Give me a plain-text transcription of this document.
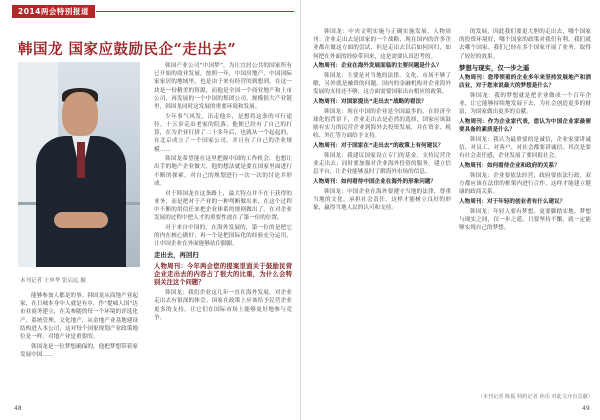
2014两会特别报道
韩国龙 国家应鼓励民企“走出去”
本刊记者 王申华 张启远 摄

能够参加人都是的事。韩国龙从商地产业起家，在日城本身中人就是有乡，作“提城人国”达市业商务建立，在关参随的每一个环境的评选化产、系统管理、文化地产，从金地产业基地建设结构进入本公司，这对每个国家规划产业政策地位是一样，对地产业是重要的。

韩国龙是一位梦想确保的，他把梦想带着家发展中国……

韩国产业公司“中国梦”，为让宜居公共的国家所有已开始的商业发展，按照一年，中国房地产、中国国际家家居的地域里，也是由于来有经营的到想到，在这一块是一份精美的资源，而他是全国一个商业地产和上市公司，再发展的一个中国的集团公司，规模很大产业链里，韩国龙同时这发展的重要环境和发展。

少年事气风发，出走他乡，是想将这条的可行途径，十五岁走出老家的院落，他便已经有了自己的打算，在为企业打拼了二十多年后，也就从一个起起的，在北京成立了一个国家公司，并且有了自己的企业规模……

韩国龙希望能在这里把握中国的工作机会，也想让出手的地产企业做大，他的想法就是要在国家里面进行不断的探索，对自己的规划进行一次一次的讨论并形成。

对于韩国龙在这条路上，最大特点并不在于获得的业务，而是把对于产业的一种判断做出来，在这个过程中不断的用信任来把企业体系的规则做出了。在对企业发展的过程中把人才的重要性放在了第一位的位置。

对于来自中国的、在海外发展的，第一位的是把它的内在核心做好；再一个是把国际化的经验充分运用，让中国企业在外面能够站住脚跟。

走出去，再回归

人物周刊：今年两会您的提案里面关于鼓励民营企业走出去的内容占了很大的比重，为什么会特别关注这个问题？

韩国龙：我们企业这几年一直在海外发展，对企业走出去有很深的体会。国家在政策上应该给予民营企业更多的支持，让它们在国际市场上能够更好地参与竞争。

48

韩国龙：中央文明实施与正确实施发展，人物周刊：企业走出去是国家的一个战略，现在国内的许多企业都在做这方面的尝试，但是走出去以后如何回归，如何把在外面的经验带回来，这是需要认真思考的。

人物周刊：企业在海外发展面临的主要问题是什么？

韩国龙：主要是对当地的法律、文化、市场不够了解，另外就是融资的问题。国内的金融机构对企业海外发展的支持还不够，这方面需要国家出台相应的政策。

人物周刊：对国家提出“走出去”战略的看法？

韩国龙：现在中国的企业是全国最多的，在经济全球化的背景下，企业走出去是必然的选择，国家应该鼓励有实力的民营企业到海外去投资发展，并在资金、税收、外汇等方面给予支持。

人物周刊：对于国家在“走出去”的政策上有何建议？

韩国龙：我建议国家设立专门的基金，支持民营企业走出去；同时要加强对企业海外投资的服务，建立信息平台，让企业能够及时了解海外市场的信息。

人物周刊：如何看待中国企业在海外的形象问题？

韩国龙：中国企业在海外要遵守当地的法律，尊重当地的文化，承担社会责任，这样才能树立良好的形象，赢得当地人民的认可和支持。

的发展，因此我们要更大胆的走出去，哪个国家的投资环境好、哪个国家的政策对我们有利，我们就去哪个国家。我们已经在多个国家开展了业务，取得了较好的效果。

梦想与现实，仅一步之遥

人物周刊：您带领着的企业多年来坚持发展地产和酒店业，对于您来说最大的梦想是什么？

韩国龙：我的梦想就是把企业做成一个百年企业，让它能够持续地发展下去，为社会创造更多的财富，为国家做出更多的贡献。

人物周刊：作为企业家代表，您认为中国企业家最需要具备的素质是什么？

韩国龙：我认为最重要的是诚信，企业家要讲诚信，对员工、对客户、对社会都要讲诚信。其次是要有社会责任感，企业发展了要回报社会。

人物周刊：如何看待企业和政府的关系？

韩国龙：企业要依法经营，政府要依法行政，双方都应该在法律的框架内进行合作，这样才能建立健康的政商关系。

人物周刊：对于年轻的创业者有什么建议？

韩国龙：年轻人要有梦想，更要脚踏实地。梦想与现实之间，仅一步之遥，只要坚持不懈，就一定能够实现自己的梦想。

（本刊记者 陈振 特约记者 孙乐 对此文亦有贡献）
49
